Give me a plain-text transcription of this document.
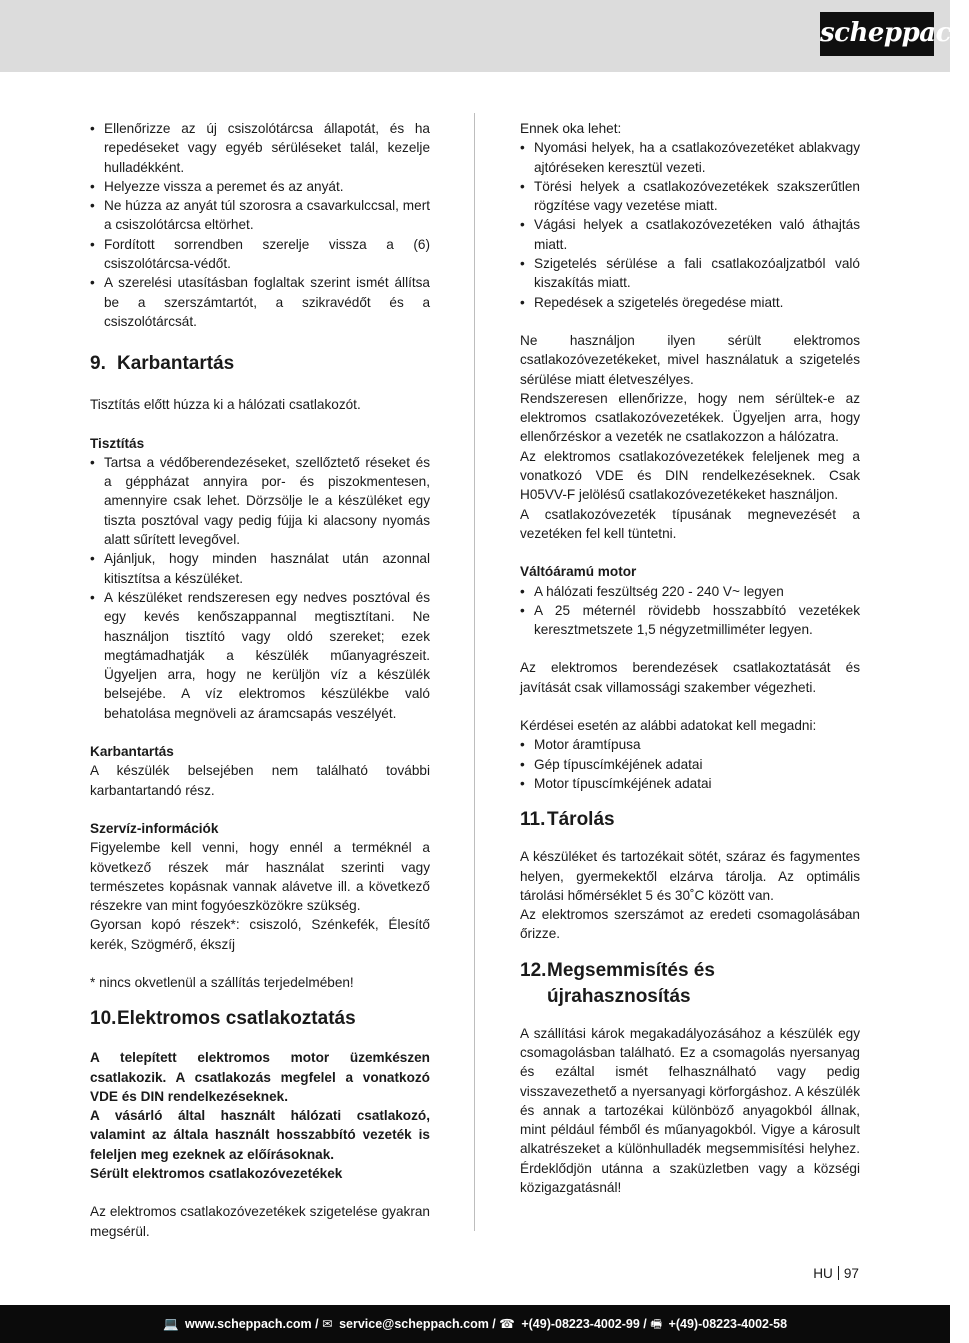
scheppach
• Ellenőrizze az új csiszolótárcsa állapotát, és ha repedéseket vagy egyéb sérüléseket talál, kezelje hulladékként.
• Helyezze vissza a peremet és az anyát.
• Ne húzza az anyát túl szorosra a csavarkulccsal, mert a csiszolótárcsa eltörhet.
• Fordított sorrendben szerelje vissza a (6) csiszolótárcsa-védőt.
• A szerelési utasításban foglaltak szerint ismét állítsa be a szerszámtartót, a szikravédőt és a csiszolótárcsát.
9. Karbantartás

Tisztítás előtt húzza ki a hálózati csatlakozót.

Tisztítás

• Tartsa a védőberendezéseket, szellőztető réseket és a géppházat annyira por- és piszokmentesen, amennyire csak lehet. Dörzsölje le a készüléket egy tiszta posztóval vagy pedig fújja ki alacsony nyomás alatt sűrített levegővel.
• Ajánljuk, hogy minden használat után azonnal kitisztítsa a készüléket.
• A készüléket rendszeresen egy nedves posztóval és egy kevés kenőszappannal megtisztítani. Ne használjon tisztító vagy oldó szereket; ezek megtámadhatják a készülék műanyagrészeit. Ügyeljen arra, hogy ne kerüljön víz a készülék belsejébe. A víz elektromos készülékbe való behatolása megnöveli az áramcsapás veszélyét.

Karbantartás

A készülék belsejében nem található további karbantartandó rész.

Szervíz-információk

Figyelembe kell venni, hogy ennél a terméknél a következő részek már használat szerinti vagy természetes kopásnak vannak alávetve ill. a következő részekre van mint fogyóeszközökre szükség.

Gyorsan kopó részek*: csiszoló, Szénkefék, Élesítő kerék, Szögmérő, ékszíj

* nincs okvetlenül a szállítás terjedelmében!

10. Elektromos csatlakoztatás

A telepített elektromos motor üzemkészen csatlakozik. A csatlakozás megfelel a vonatkozó VDE és DIN rendelkezéseknek.

A vásárló által használt hálózati csatlakozó, valamint az általa használt hosszabbító vezeték is feleljen meg ezeknek az előírásoknak.

Sérült elektromos csatlakozóvezetékek

Az elektromos csatlakozóvezetékek szigetelése gyakran megsérül.

Ennek oka lehet:

• Nyomási helyek, ha a csatlakozóvezetéket ablakvagy ajtóréseken keresztül vezeti.
• Törési helyek a csatlakozóvezetékek szakszerűtlen rögzítése vagy vezetése miatt.
• Vágási helyek a csatlakozóvezetéken való áthajtás miatt.
• Szigetelés sérülése a fali csatlakozóaljzatból való kiszakítás miatt.
• Repedések a szigetelés öregedése miatt.

Ne használjon ilyen sérült elektromos csatlakozóvezetékeket, mivel használatuk a szigetelés sérülése miatt életveszélyes.

Rendszeresen ellenőrizze, hogy nem sérültek-e az elektromos csatlakozóvezetékek. Ügyeljen arra, hogy ellenőrzéskor a vezeték ne csatlakozzon a hálózatra.

Az elektromos csatlakozóvezetékek feleljenek meg a vonatkozó VDE és DIN rendelkezéseknek. Csak H05VV-F jelölésű csatlakozóvezetékeket használjon.

A csatlakozóvezeték típusának megnevezését a vezetéken fel kell tüntetni.

Váltóáramú motor

• A hálózati feszültség 220 - 240 V~ legyen
• A 25 méternél rövidebb hosszabbító vezetékek keresztmetszete 1,5 négyzetmilliméter legyen.

Az elektromos berendezések csatlakoztatását és javítását csak villamossági szakember végezheti.

Kérdései esetén az alábbi adatokat kell megadni:

• Motor áramtípusa
• Gép típuscímkéjének adatai
• Motor típuscímkéjének adatai
11. Tárolás

A készüléket és tartozékait sötét, száraz és fagymentes helyen, gyermekektől elzárva tárolja. Az optimális tárolási hőmérséklet 5 és 30˚C között van.

Az elektromos szerszámot az eredeti csomagolásában őrizze.

12. Megsemmisítés és újrahasznosítás

A szállítási károk megakadályozásához a készülék egy csomagolásban található. Ez a csomagolás nyersanyag és ezáltal ismét felhasználható vagy pedig visszavezethető a nyersanyagi körforgáshoz. A készülék és annak a tartozékai különböző anyagokból állnak, mint például fémből és műanyagokból. Vigye a károsult alkatrészeket a különhulladék megsemmisítési helyhez. Érdeklődjön utánna a szaküzletben vagy a községi közigazgatásnál!

HU 97
💻 www.scheppach.com / ✉ service@scheppach.com / ☎ +(49)-08223-4002-99 / 🖷 +(49)-08223-4002-58
